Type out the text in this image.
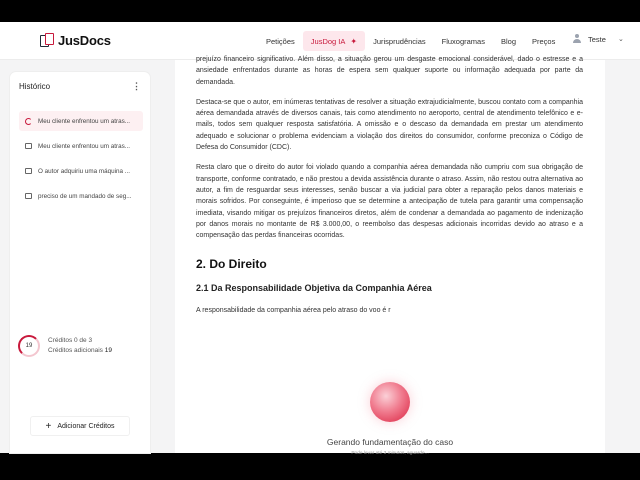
JusDocs	Petições	JusDog IA ✦	Jurisprudências	Fluxogramas	Blog	Preços	Teste ⌄
Histórico	⋮
Meu cliente enfrentou um atras...
Meu cliente enfrentou um atras...
O autor adquiriu uma máquina ...
preciso de um mandado de seg...
19
Créditos 0 de 3
Créditos adicionais 19
+ Adicionar Créditos

prejuízo financeiro significativo. Além disso, a situação gerou um desgaste emocional considerável, dado o estresse e a ansiedade enfrentados durante as horas de espera sem qualquer suporte ou informação adequada por parte da demandada.

Destaca-se que o autor, em inúmeras tentativas de resolver a situação extrajudicialmente, buscou contato com a companhia aérea demandada através de diversos canais, tais como atendimento no aeroporto, central de atendimento telefônico e e-mails, todos sem qualquer resposta satisfatória. A omissão e o descaso da demandada em prestar um atendimento adequado e solucionar o problema evidenciam a violação dos direitos do consumidor, conforme preconiza o Código de Defesa do Consumidor (CDC).

Resta claro que o direito do autor foi violado quando a companhia aérea demandada não cumpriu com sua obrigação de transporte, conforme contratado, e não prestou a devida assistência durante o atraso. Assim, não restou outra alternativa ao autor, a fim de resguardar seus interesses, senão buscar a via judicial para obter a reparação pelos danos materiais e morais sofridos. Por conseguinte, é imperioso que se determine a antecipação de tutela para garantir uma compensação imediata, visando mitigar os prejuízos financeiros diretos, além de condenar a demandada ao pagamento de indenização por danos morais no montante de R$ 3.000,00, o reembolso das despesas adicionais incorridas devido ao atraso e a compensação das perdas financeiras ocorridas.

2. Do Direito
2.1 Da Responsabilidade Objetiva da Companhia Aérea

A responsabilidade da companhia aérea pelo atraso do voo é r

Gerando fundamentação do caso
Pode levar até 3 minutos, aguarde...
